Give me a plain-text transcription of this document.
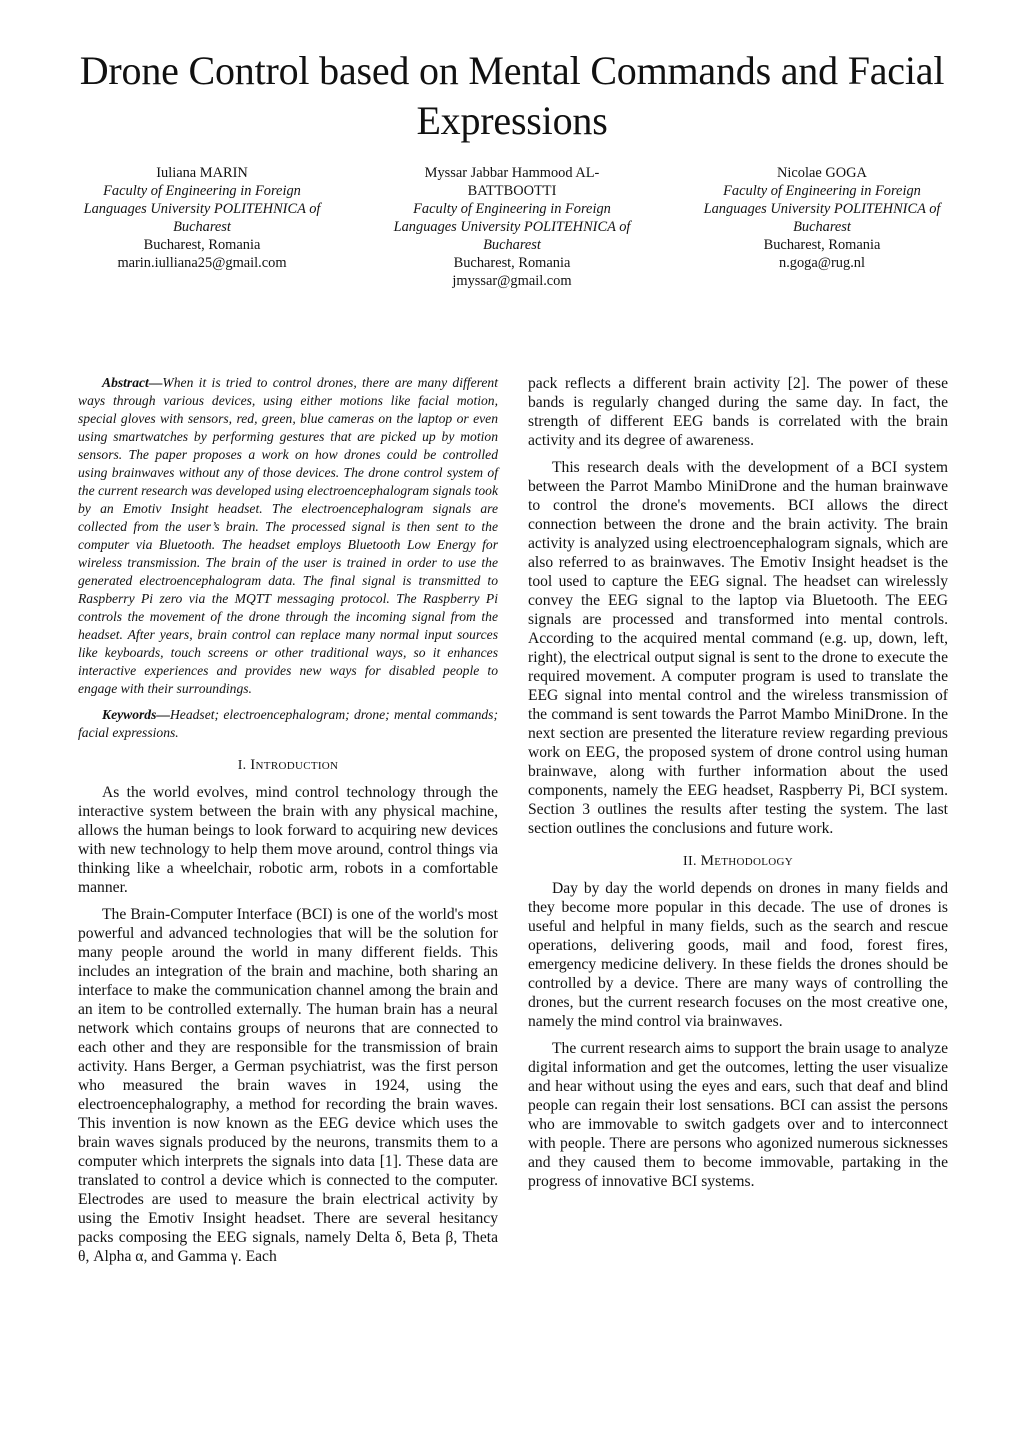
Drone Control based on Mental Commands and Facial Expressions
Iuliana MARIN
Faculty of Engineering in Foreign Languages University POLITEHNICA of Bucharest
Bucharest, Romania
marin.iulliana25@gmail.com
Myssar Jabbar Hammood AL-BATTBOOTTI
Faculty of Engineering in Foreign Languages University POLITEHNICA of Bucharest
Bucharest, Romania
jmyssar@gmail.com
Nicolae GOGA
Faculty of Engineering in Foreign Languages University POLITEHNICA of Bucharest
Bucharest, Romania
n.goga@rug.nl

Abstract—When it is tried to control drones, there are many different ways through various devices, using either motions like facial motion, special gloves with sensors, red, green, blue cameras on the laptop or even using smartwatches by performing gestures that are picked up by motion sensors. The paper proposes a work on how drones could be controlled using brainwaves without any of those devices. The drone control system of the current research was developed using electroencephalogram signals took by an Emotiv Insight headset. The electroencephalogram signals are collected from the user’s brain. The processed signal is then sent to the computer via Bluetooth. The headset employs Bluetooth Low Energy for wireless transmission. The brain of the user is trained in order to use the generated electroencephalogram data. The final signal is transmitted to Raspberry Pi zero via the MQTT messaging protocol. The Raspberry Pi controls the movement of the drone through the incoming signal from the headset. After years, brain control can replace many normal input sources like keyboards, touch screens or other traditional ways, so it enhances interactive experiences and provides new ways for disabled people to engage with their surroundings.

Keywords—Headset; electroencephalogram; drone; mental commands; facial expressions.

I. Introduction

As the world evolves, mind control technology through the interactive system between the brain with any physical machine, allows the human beings to look forward to acquiring new devices with new technology to help them move around, control things via thinking like a wheelchair, robotic arm, robots in a comfortable manner.

The Brain-Computer Interface (BCI) is one of the world's most powerful and advanced technologies that will be the solution for many people around the world in many different fields. This includes an integration of the brain and machine, both sharing an interface to make the communication channel among the brain and an item to be controlled externally. The human brain has a neural network which contains groups of neurons that are connected to each other and they are responsible for the transmission of brain activity. Hans Berger, a German psychiatrist, was the first person who measured the brain waves in 1924, using the electroencephalography, a method for recording the brain waves. This invention is now known as the EEG device which uses the brain waves signals produced by the neurons, transmits them to a computer which interprets the signals into data [1]. These data are translated to control a device which is connected to the computer. Electrodes are used to measure the brain electrical activity by using the Emotiv Insight headset. There are several hesitancy packs composing the EEG signals, namely Delta δ, Beta β, Theta θ, Alpha α, and Gamma γ. Each

pack reflects a different brain activity [2]. The power of these bands is regularly changed during the same day. In fact, the strength of different EEG bands is correlated with the brain activity and its degree of awareness.

This research deals with the development of a BCI system between the Parrot Mambo MiniDrone and the human brainwave to control the drone's movements. BCI allows the direct connection between the drone and the brain activity. The brain activity is analyzed using electroencephalogram signals, which are also referred to as brainwaves. The Emotiv Insight headset is the tool used to capture the EEG signal. The headset can wirelessly convey the EEG signal to the laptop via Bluetooth. The EEG signals are processed and transformed into mental controls. According to the acquired mental command (e.g. up, down, left, right), the electrical output signal is sent to the drone to execute the required movement. A computer program is used to translate the EEG signal into mental control and the wireless transmission of the command is sent towards the Parrot Mambo MiniDrone. In the next section are presented the literature review regarding previous work on EEG, the proposed system of drone control using human brainwave, along with further information about the used components, namely the EEG headset, Raspberry Pi, BCI system. Section 3 outlines the results after testing the system. The last section outlines the conclusions and future work.

II. Methodology

Day by day the world depends on drones in many fields and they become more popular in this decade. The use of drones is useful and helpful in many fields, such as the search and rescue operations, delivering goods, mail and food, forest fires, emergency medicine delivery. In these fields the drones should be controlled by a device. There are many ways of controlling the drones, but the current research focuses on the most creative one, namely the mind control via brainwaves.

The current research aims to support the brain usage to analyze digital information and get the outcomes, letting the user visualize and hear without using the eyes and ears, such that deaf and blind people can regain their lost sensations. BCI can assist the persons who are immovable to switch gadgets over and to interconnect with people. There are persons who agonized numerous sicknesses and they caused them to become immovable, partaking in the progress of innovative BCI systems.
